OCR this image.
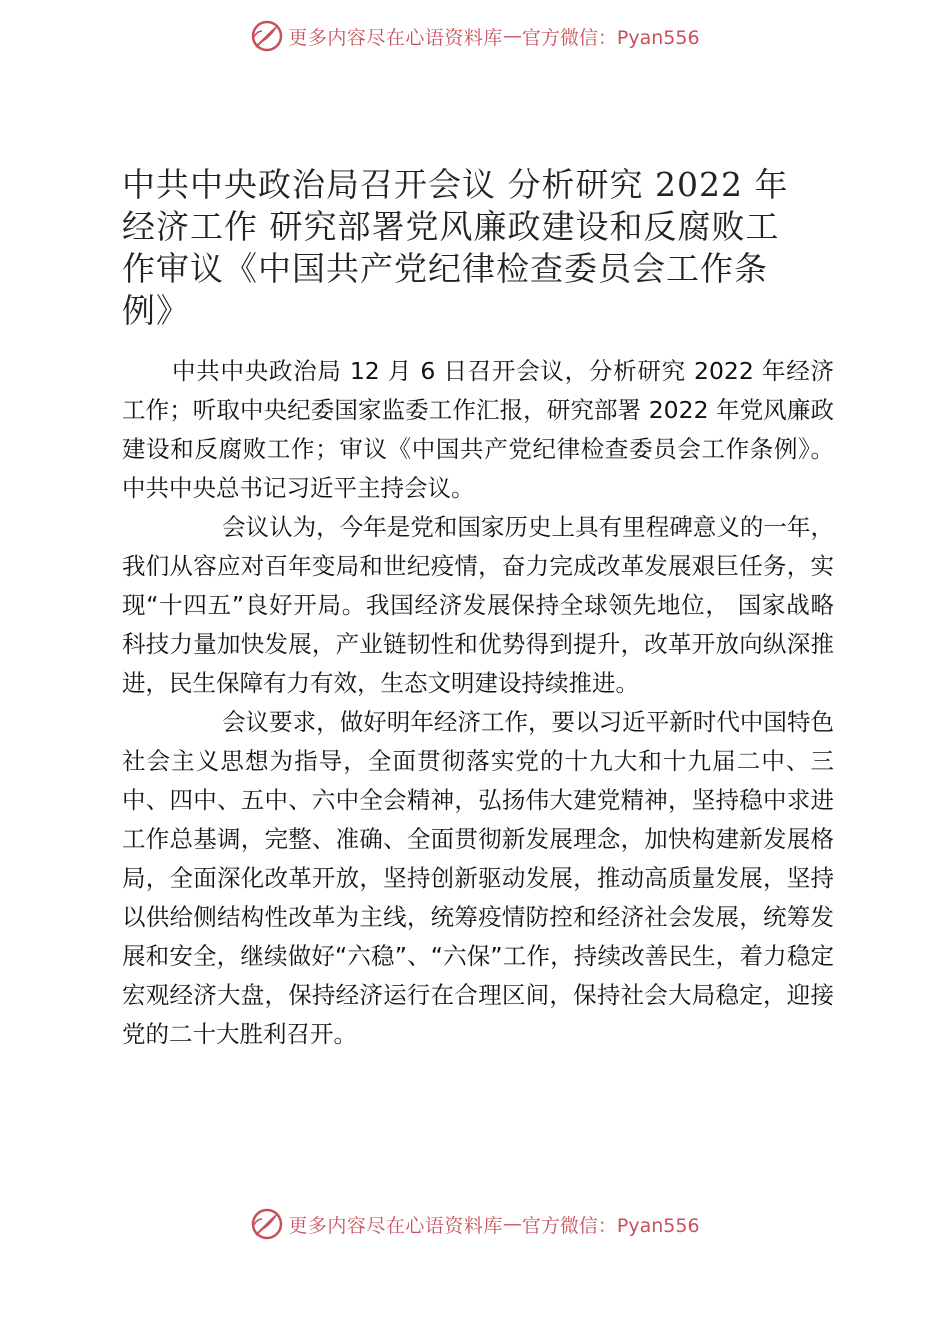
更多内容尽在心语资料库 — 官方微信：Pyan556
中共中央政治局召开会议 分析研究 2022 年经济工作 研究部署党风廉政建设和反腐败工作审议《中国共产党纪律检查委员会工作条例》

中共中央政治局 12 月 6 日召开会议，分析研究 2022 年经济工作；听取中央纪委国家监委工作汇报，研究部署 2022 年党风廉政建设和反腐败工作；审议《中国共产党纪律检查委员会工作条例》。中共中央总书记习近平主持会议。

会议认为，今年是党和国家历史上具有里程碑意义的一年，我们从容应对百年变局和世纪疫情，奋力完成改革发展艰巨任务，实现“十四五”良好开局。我国经济发展保持全球领先地位， 国家战略科技力量加快发展，产业链韧性和优势得到提升，改革开放向纵深推进，民生保障有力有效，生态文明建设持续推进。

会议要求，做好明年经济工作，要以习近平新时代中国特色社会主义思想为指导，全面贯彻落实党的十九大和十九届二中、三中、四中、五中、六中全会精神，弘扬伟大建党精神，坚持稳中求进工作总基调，完整、准确、全面贯彻新发展理念，加快构建新发展格局，全面深化改革开放，坚持创新驱动发展，推动高质量发展，坚持以供给侧结构性改革为主线，统筹疫情防控和经济社会发展，统筹发展和安全，继续做好“六稳”、“六保”工作，持续改善民生，着力稳定宏观经济大盘，保持经济运行在合理区间，保持社会大局稳定，迎接党的二十大胜利召开。

更多内容尽在心语资料库 — 官方微信：Pyan556
